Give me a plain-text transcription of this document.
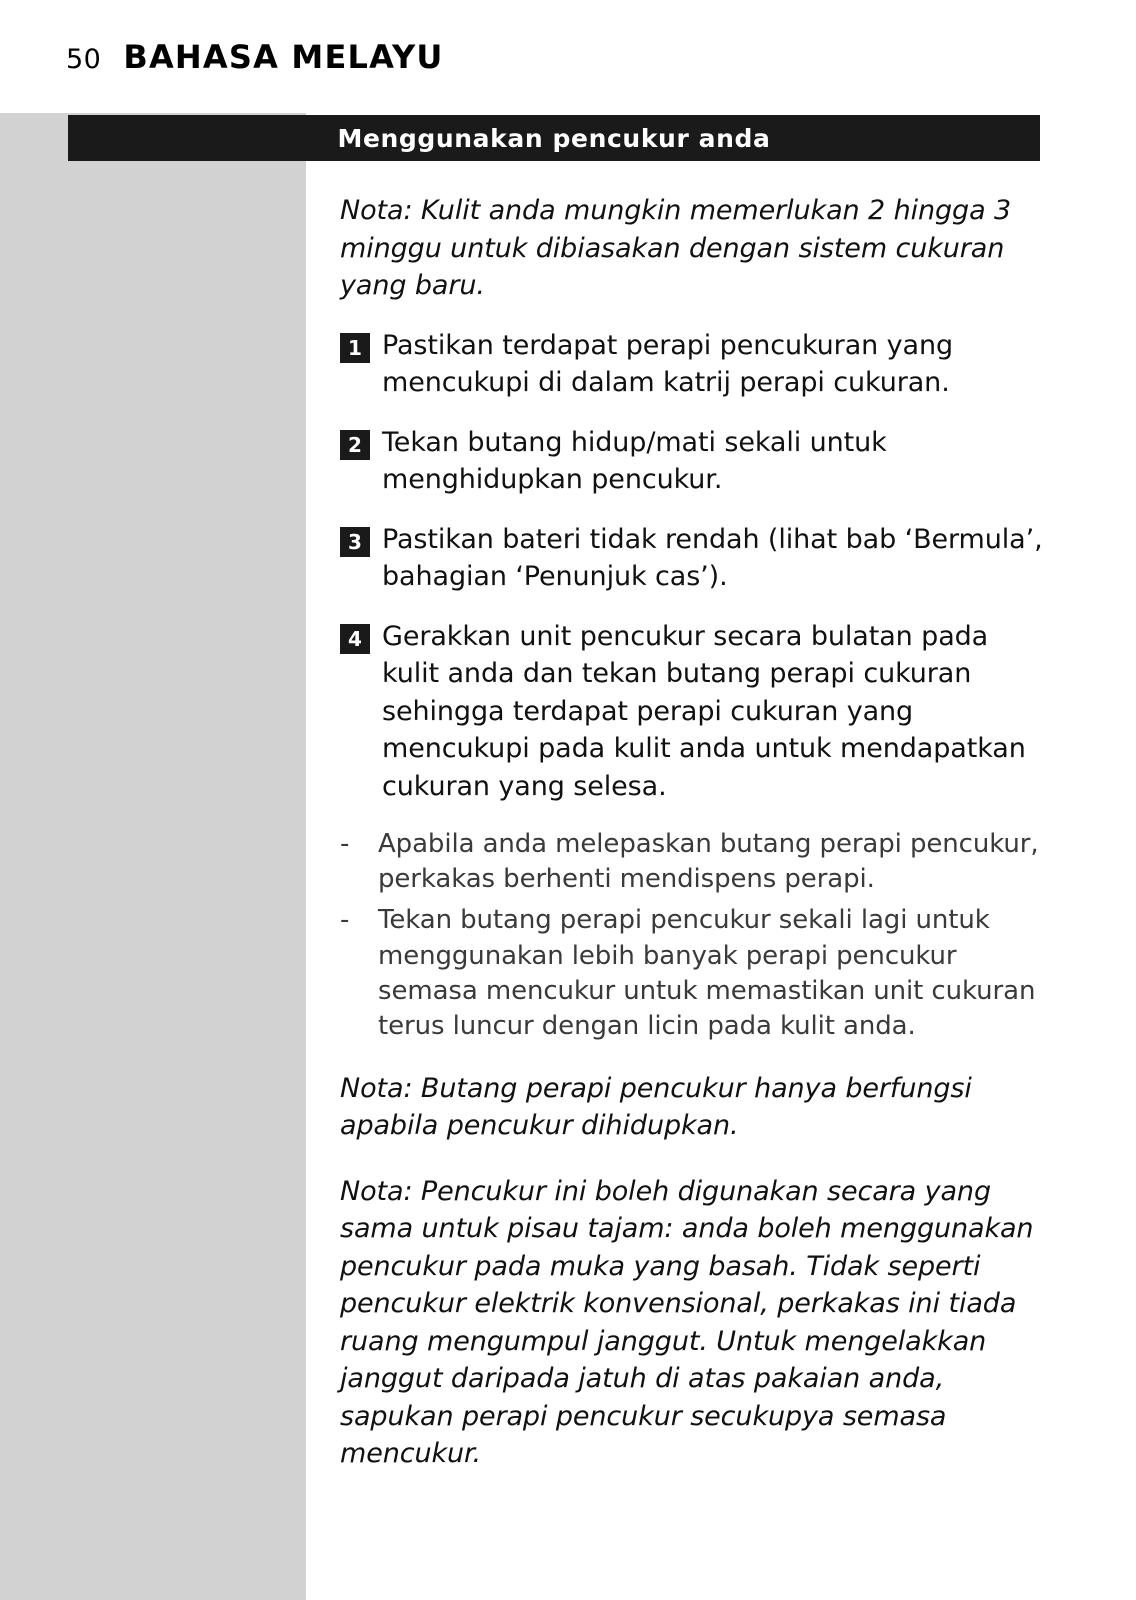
50 BAHASA MELAYU
Menggunakan pencukur anda

Nota: Kulit anda mungkin memerlukan 2 hingga 3 minggu untuk dibiasakan dengan sistem cukuran yang baru.

1 Pastikan terdapat perapi pencukuran yang mencukupi di dalam katrij perapi cukuran.
2 Tekan butang hidup/mati sekali untuk menghidupkan pencukur.
3 Pastikan bateri tidak rendah (lihat bab ‘Bermula’, bahagian ‘Penunjuk cas’).
4 Gerakkan unit pencukur secara bulatan pada kulit anda dan tekan butang perapi cukuran sehingga terdapat perapi cukuran yang mencukupi pada kulit anda untuk mendapatkan cukuran yang selesa.
-	Apabila anda melepaskan butang perapi pencukur, perkakas berhenti mendispens perapi.
-	Tekan butang perapi pencukur sekali lagi untuk menggunakan lebih banyak perapi pencukur semasa mencukur untuk memastikan unit cukuran terus luncur dengan licin pada kulit anda.

Nota: Butang perapi pencukur hanya berfungsi apabila pencukur dihidupkan.

Nota: Pencukur ini boleh digunakan secara yang sama untuk pisau tajam: anda boleh menggunakan pencukur pada muka yang basah. Tidak seperti pencukur elektrik konvensional, perkakas ini tiada ruang mengumpul janggut. Untuk mengelakkan janggut daripada jatuh di atas pakaian anda, sapukan perapi pencukur secukupya semasa mencukur.
